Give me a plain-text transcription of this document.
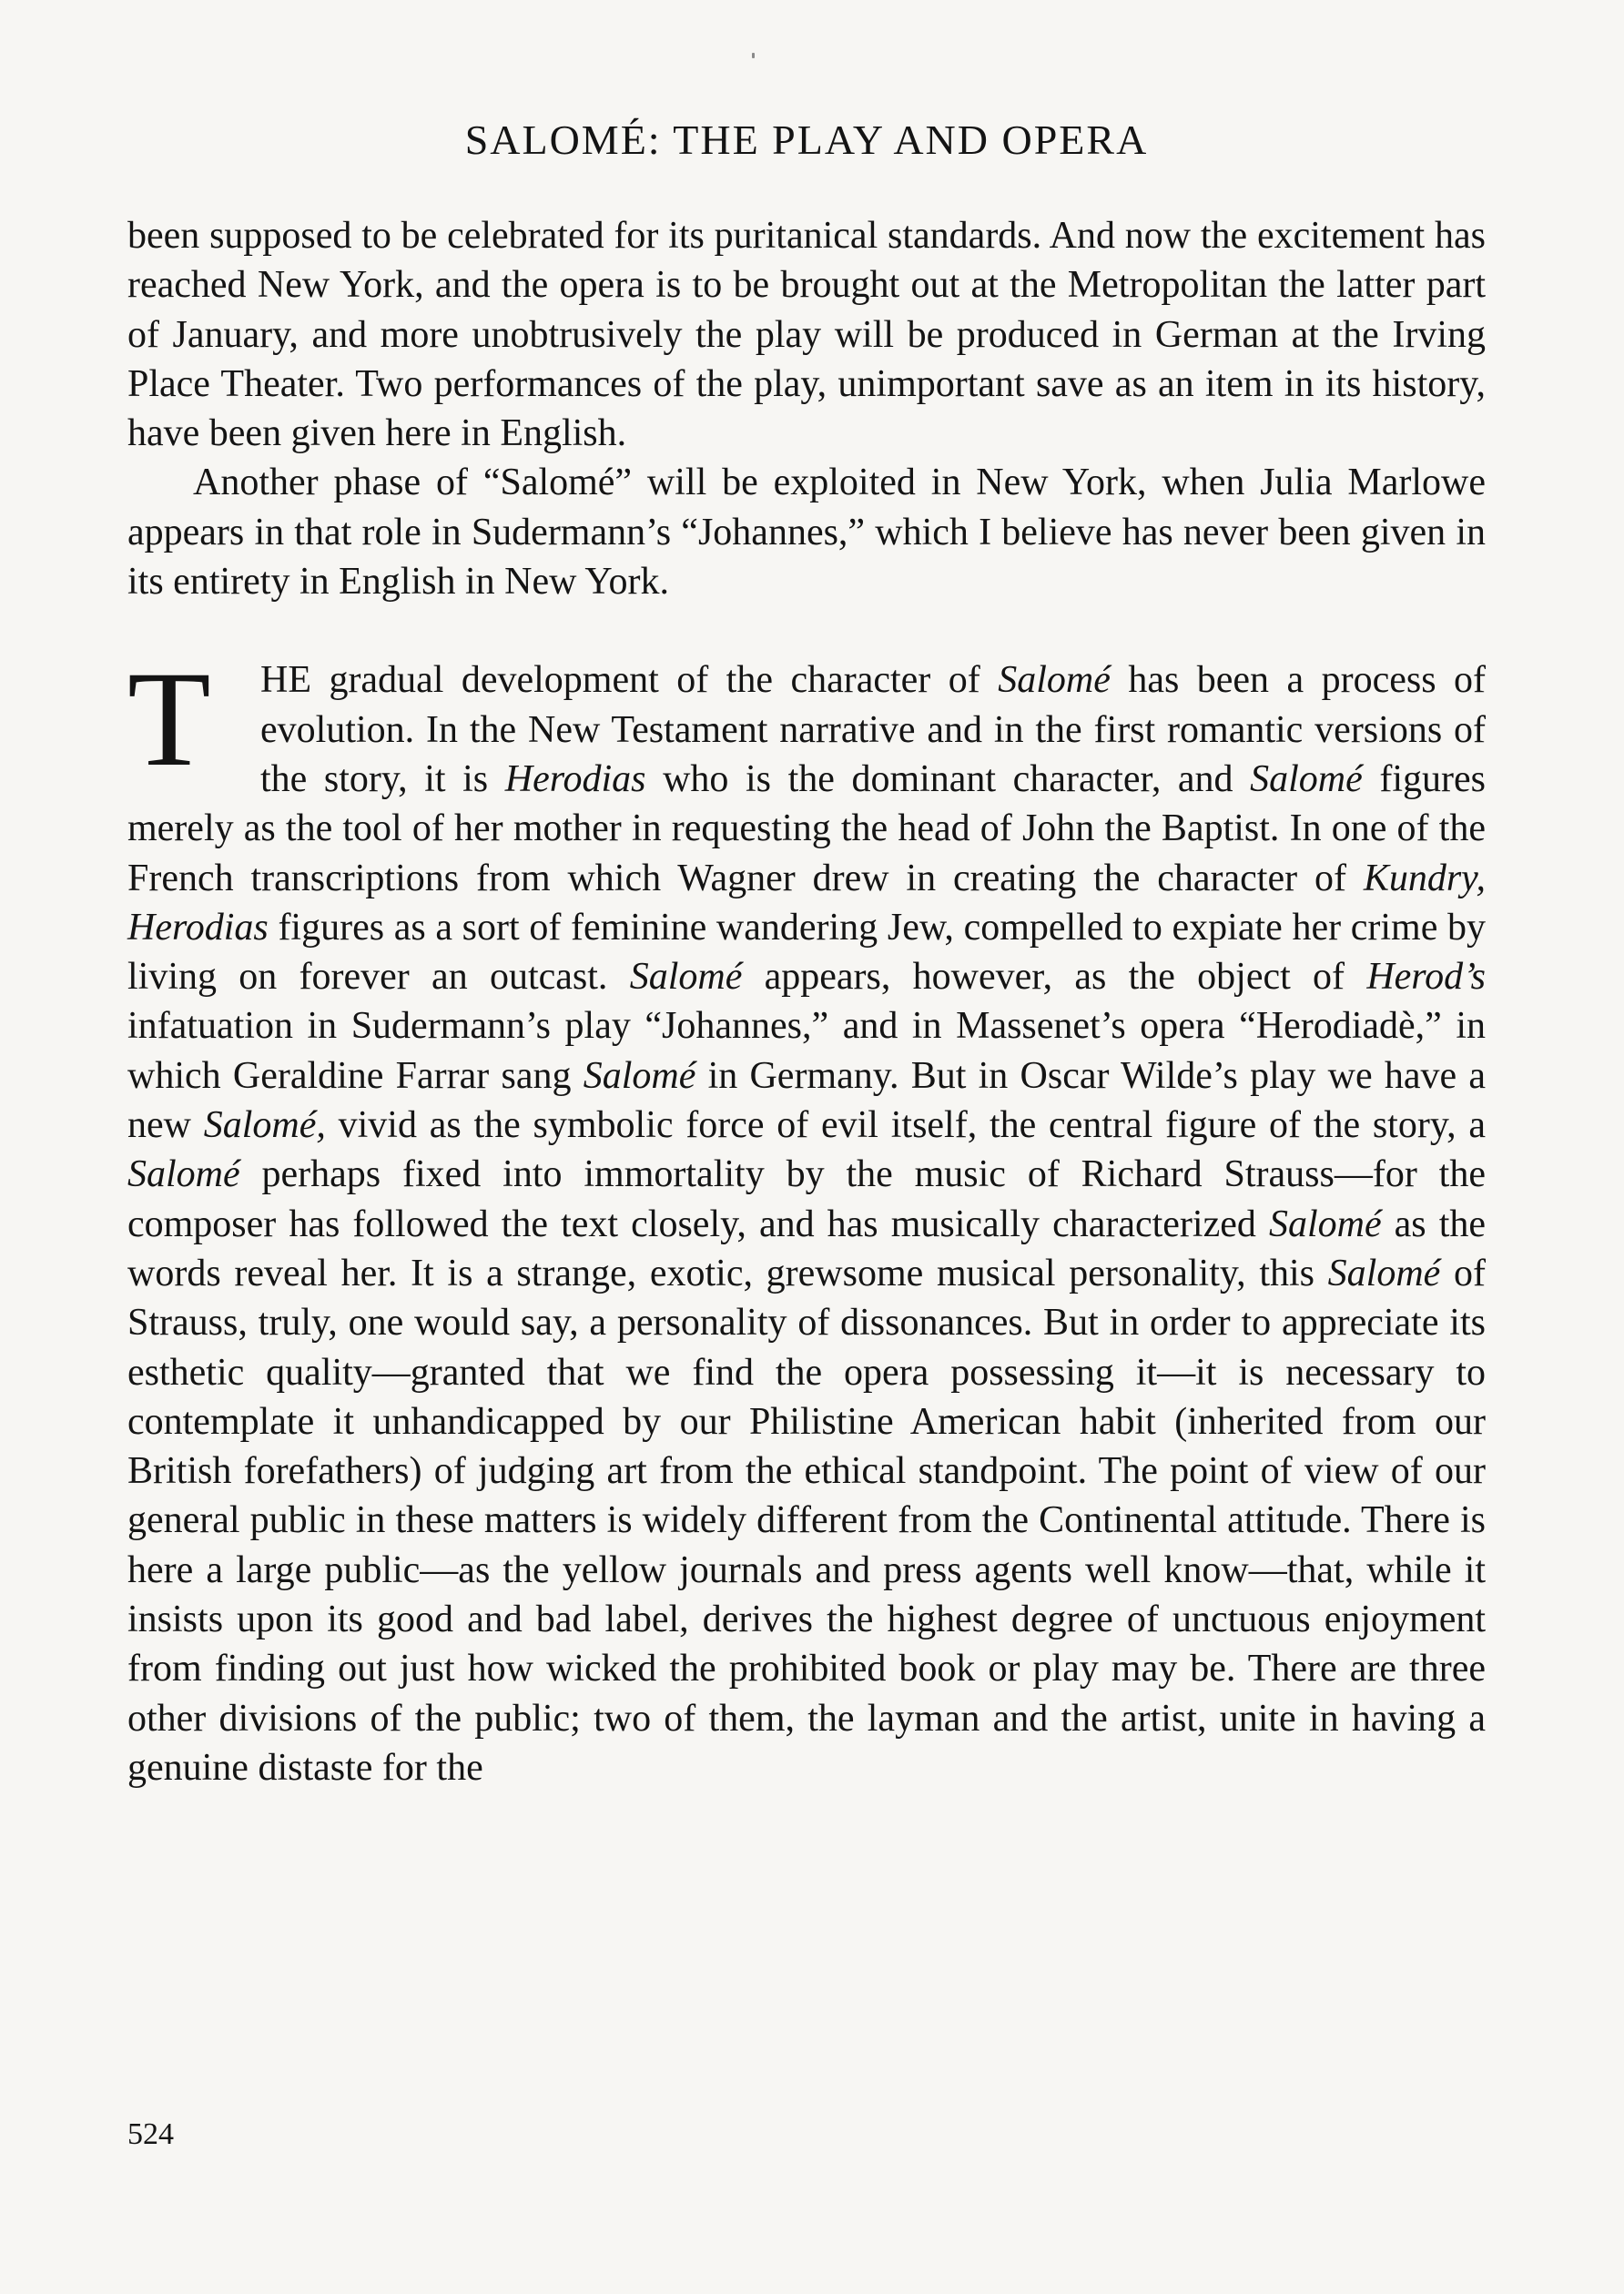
SALOMÉ: THE PLAY AND OPERA

been supposed to be celebrated for its puritanical standards. And now the excitement has reached New York, and the opera is to be brought out at the Metropolitan the latter part of January, and more unobtrusively the play will be produced in German at the Irving Place Theater. Two performances of the play, unimportant save as an item in its history, have been given here in English.

Another phase of “Salomé” will be exploited in New York, when Julia Marlowe appears in that role in Sudermann’s “Johannes,” which I believe has never been given in its entirety in English in New York.

T	HE gradual development of the character of Salomé has been a process of evolution. In the New Testament narrative and in the first romantic versions of the story, it is Herodias who is the dominant character, and Salomé figures merely as the tool of her mother in requesting the head of John the Baptist. In one of the French transcriptions from which Wagner drew in creating the character of Kundry, Herodias figures as a sort of feminine wandering Jew, compelled to expiate her crime by living on forever an outcast. Salomé appears, however, as the object of Herod’s infatuation in Sudermann’s play “Johannes,” and in Massenet’s opera “Herodiadè,” in which Geraldine Farrar sang Salomé in Germany. But in Oscar Wilde’s play we have a new Salomé, vivid as the symbolic force of evil itself, the central figure of the story, a Salomé perhaps fixed into immortality by the music of Richard Strauss—for the composer has followed the text closely, and has musically characterized Salomé as the words reveal her. It is a strange, exotic, grewsome musical personality, this Salomé of Strauss, truly, one would say, a personality of dissonances. But in order to appreciate its esthetic quality—granted that we find the opera possessing it—it is necessary to contemplate it unhandicapped by our Philistine American habit (inherited from our British forefathers) of judging art from the ethical standpoint. The point of view of our general public in these matters is widely different from the Continental attitude. There is here a large public—as the yellow journals and press agents well know—that, while it insists upon its good and bad label, derives the highest degree of unctuous enjoyment from finding out just how wicked the prohibited book or play may be. There are three other divisions of the public; two of them, the layman and the artist, unite in having a genuine distaste for the

524
